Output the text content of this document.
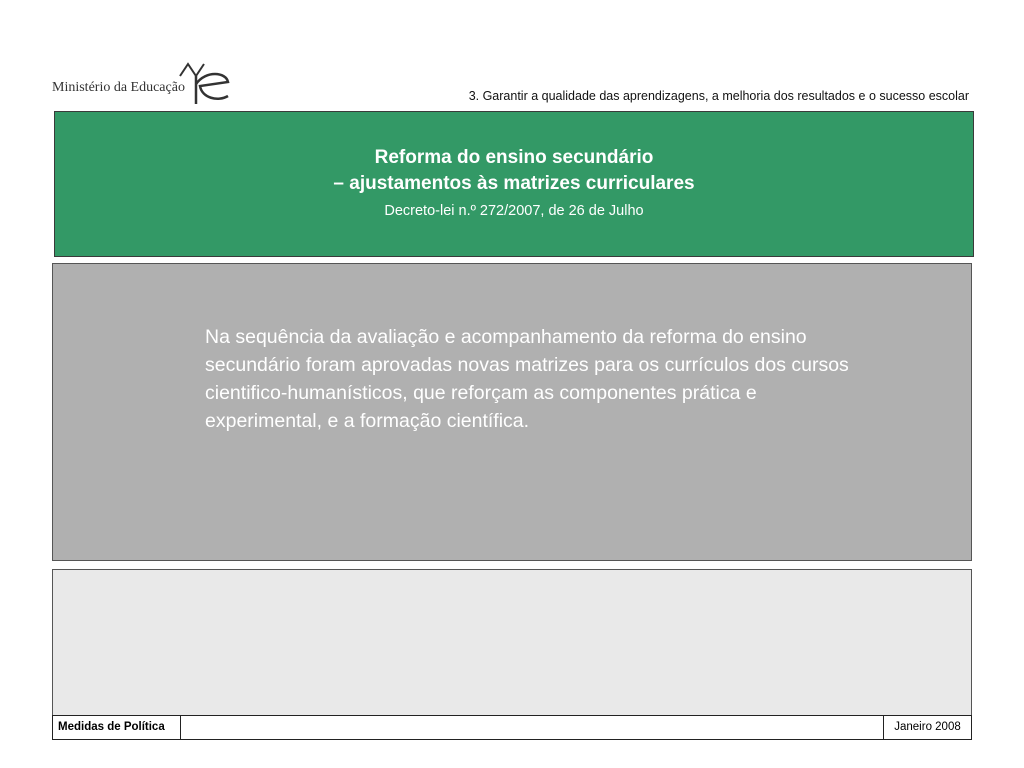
Ministério da Educação
3. Garantir a qualidade das aprendizagens, a melhoria dos resultados e o sucesso escolar
Reforma do ensino secundário
– ajustamentos às matrizes curriculares
Decreto-lei n.º 272/2007, de 26 de Julho
Na sequência da avaliação e acompanhamento da reforma do ensino secundário foram aprovadas novas matrizes para os currículos dos cursos cientifico-humanísticos, que reforçam as componentes prática e experimental, e a formação científica.
Medidas de Política	Janeiro 2008
